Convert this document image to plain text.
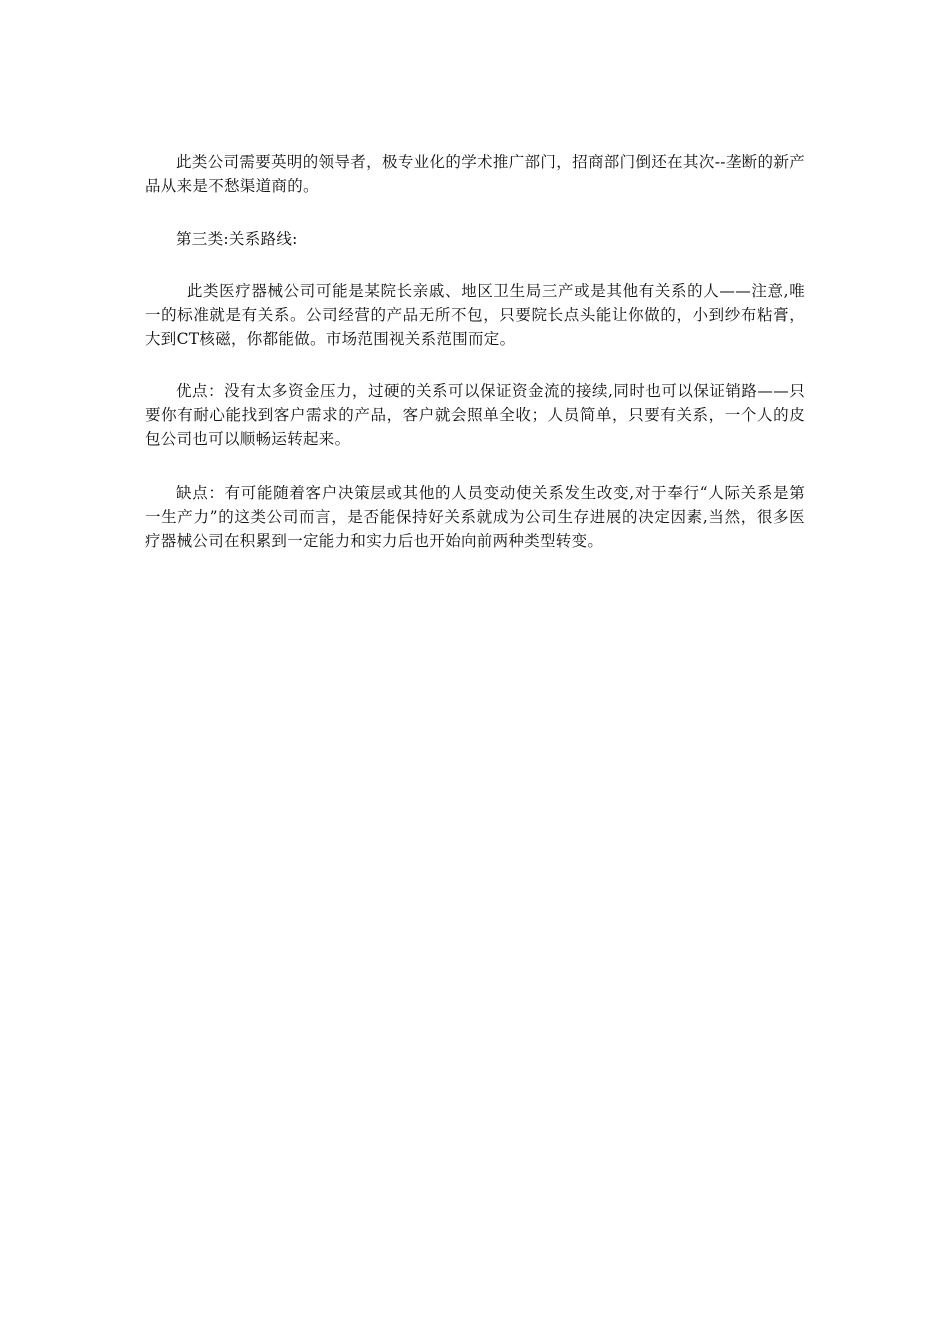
此类公司需要英明的领导者，极专业化的学术推广部门，招商部门倒还在其次--垄断的新产品从来是不愁渠道商的。

第三类:关系路线:

此类医疗器械公司可能是某院长亲戚、地区卫生局三产或是其他有关系的人——注意,唯一的标准就是有关系。公司经营的产品无所不包，只要院长点头能让你做的，小到纱布粘膏，大到CT核磁，你都能做。市场范围视关系范围而定。

优点：没有太多资金压力，过硬的关系可以保证资金流的接续,同时也可以保证销路——只要你有耐心能找到客户需求的产品，客户就会照单全收；人员简单，只要有关系，一个人的皮包公司也可以顺畅运转起来。

缺点：有可能随着客户决策层或其他的人员变动使关系发生改变,对于奉行“人际关系是第一生产力”的这类公司而言，是否能保持好关系就成为公司生存进展的决定因素,当然，很多医疗器械公司在积累到一定能力和实力后也开始向前两种类型转变。
